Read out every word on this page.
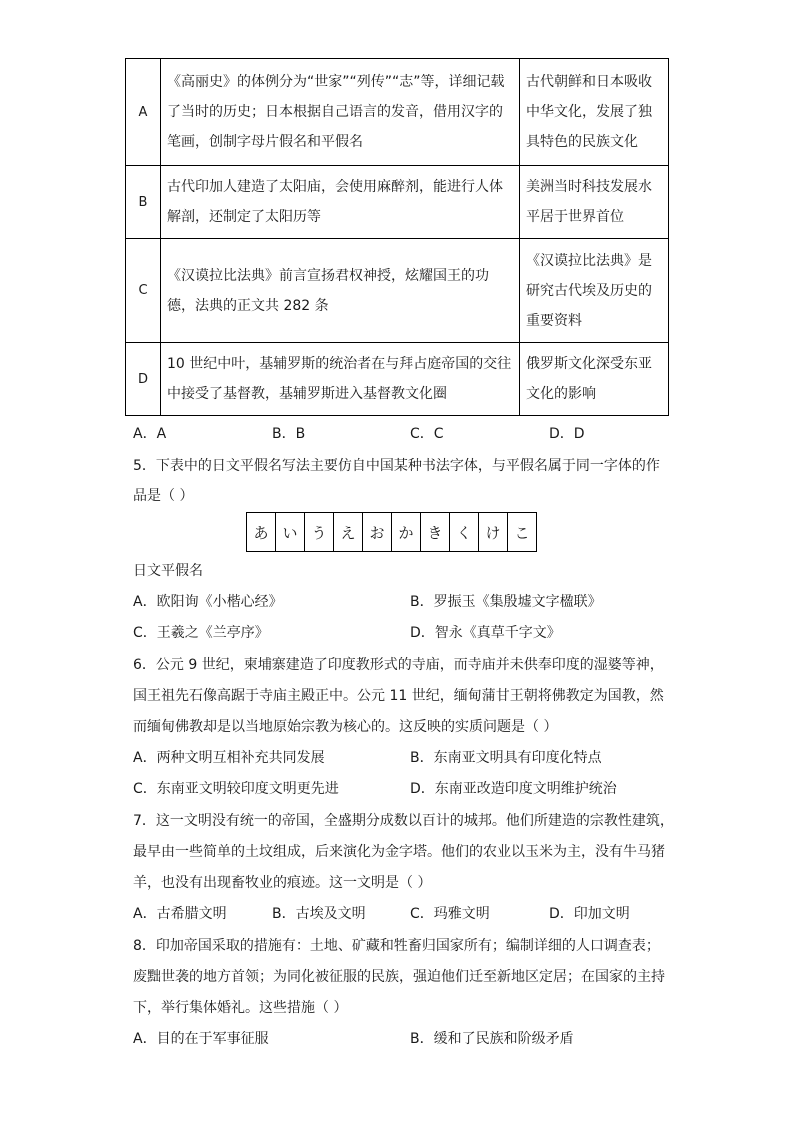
A	《高丽史》的体例分为“世家”“列传”“志”等，详细记载了当时的历史；日本根据自己语言的发音，借用汉字的笔画，创制字母片假名和平假名	古代朝鲜和日本吸收中华文化，发展了独具特色的民族文化
B	古代印加人建造了太阳庙，会使用麻醉剂，能进行人体解剖，还制定了太阳历等	美洲当时科技发展水平居于世界首位
C	《汉谟拉比法典》前言宣扬君权神授，炫耀国王的功德，法典的正文共 282 条	《汉谟拉比法典》是研究古代埃及历史的重要资料
D	10 世纪中叶，基辅罗斯的统治者在与拜占庭帝国的交往中接受了基督教，基辅罗斯进入基督教文化圈	俄罗斯文化深受东亚文化的影响
A．A	B．B	C．C	D．D
5．下表中的日文平假名写法主要仿自中国某种书法字体，与平假名属于同一字体的作
品是（ ）
あ	い	う	え	お	か	き	く	け	こ
日文平假名
A．欧阳询《小楷心经》	B．罗振玉《集殷墟文字楹联》
C．王羲之《兰亭序》	D．智永《真草千字文》
6．公元 9 世纪，柬埔寨建造了印度教形式的寺庙，而寺庙并未供奉印度的湿婆等神，
国王祖先石像高踞于寺庙主殿正中。公元 11 世纪，缅甸蒲甘王朝将佛教定为国教，然
而缅甸佛教却是以当地原始宗教为核心的。这反映的实质问题是（ ）
A．两种文明互相补充共同发展	B．东南亚文明具有印度化特点
C．东南亚文明较印度文明更先进	D．东南亚改造印度文明维护统治
7．这一文明没有统一的帝国，全盛期分成数以百计的城邦。他们所建造的宗教性建筑，
最早由一些简单的土坟组成，后来演化为金字塔。他们的农业以玉米为主，没有牛马猪
羊，也没有出现畜牧业的痕迹。这一文明是（ ）
A．古希腊文明	B．古埃及文明	C．玛雅文明	D．印加文明
8．印加帝国采取的措施有：土地、矿藏和牲畜归国家所有；编制详细的人口调查表；
废黜世袭的地方首领；为同化被征服的民族，强迫他们迁至新地区定居；在国家的主持
下，举行集体婚礼。这些措施（ ）
A．目的在于军事征服	B．缓和了民族和阶级矛盾
